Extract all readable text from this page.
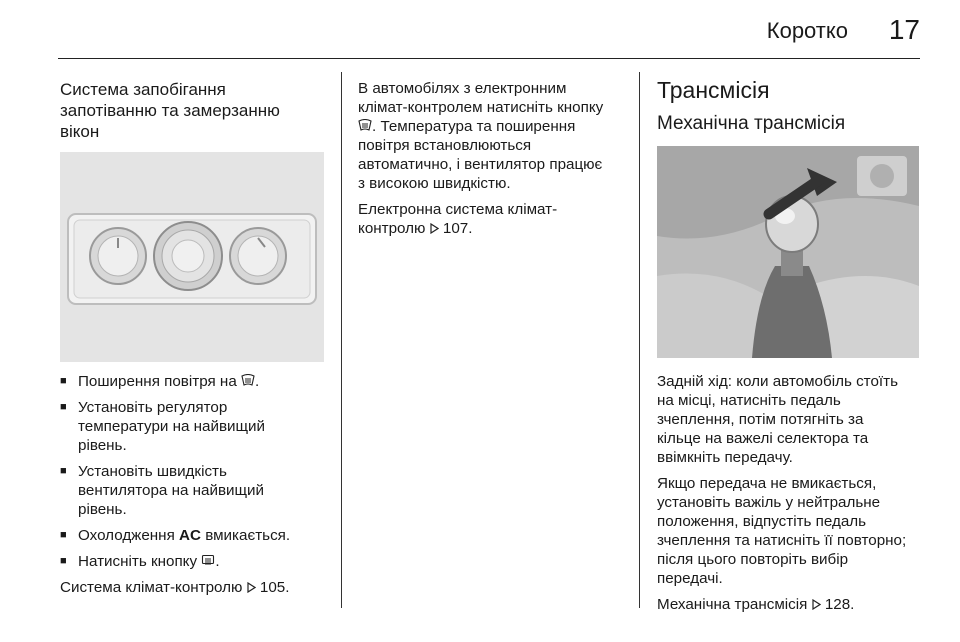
Коротко 17
Система запобігання
запотіванню та замерзанню
вікон
■ Поширення повітря на .
■ Установіть регулятор
температури на найвищий
рівень.
■ Установіть швидкість
вентилятора на найвищий
рівень.
■ Охолодження AC вмикається.
■ Натисніть кнопку .

Система клімат-контролю 105.

В автомобілях з електронним
клімат-контролем натисніть кнопку
. Температура та поширення
повітря встановлюються
автоматично, і вентилятор працює
з високою швидкістю.

Електронна система клімат-
контролю 107.

Трансмісія
Механічна трансмісія

Задній хід: коли автомобіль стоїть
на місці, натисніть педаль
зчеплення, потім потягніть за
кільце на важелі селектора та
ввімкніть передачу.

Якщо передача не вмикається,
установіть важіль у нейтральне
положення, відпустіть педаль
зчеплення та натисніть її повторно;
після цього повторіть вибір
передачі.

Механічна трансмісія 128.
